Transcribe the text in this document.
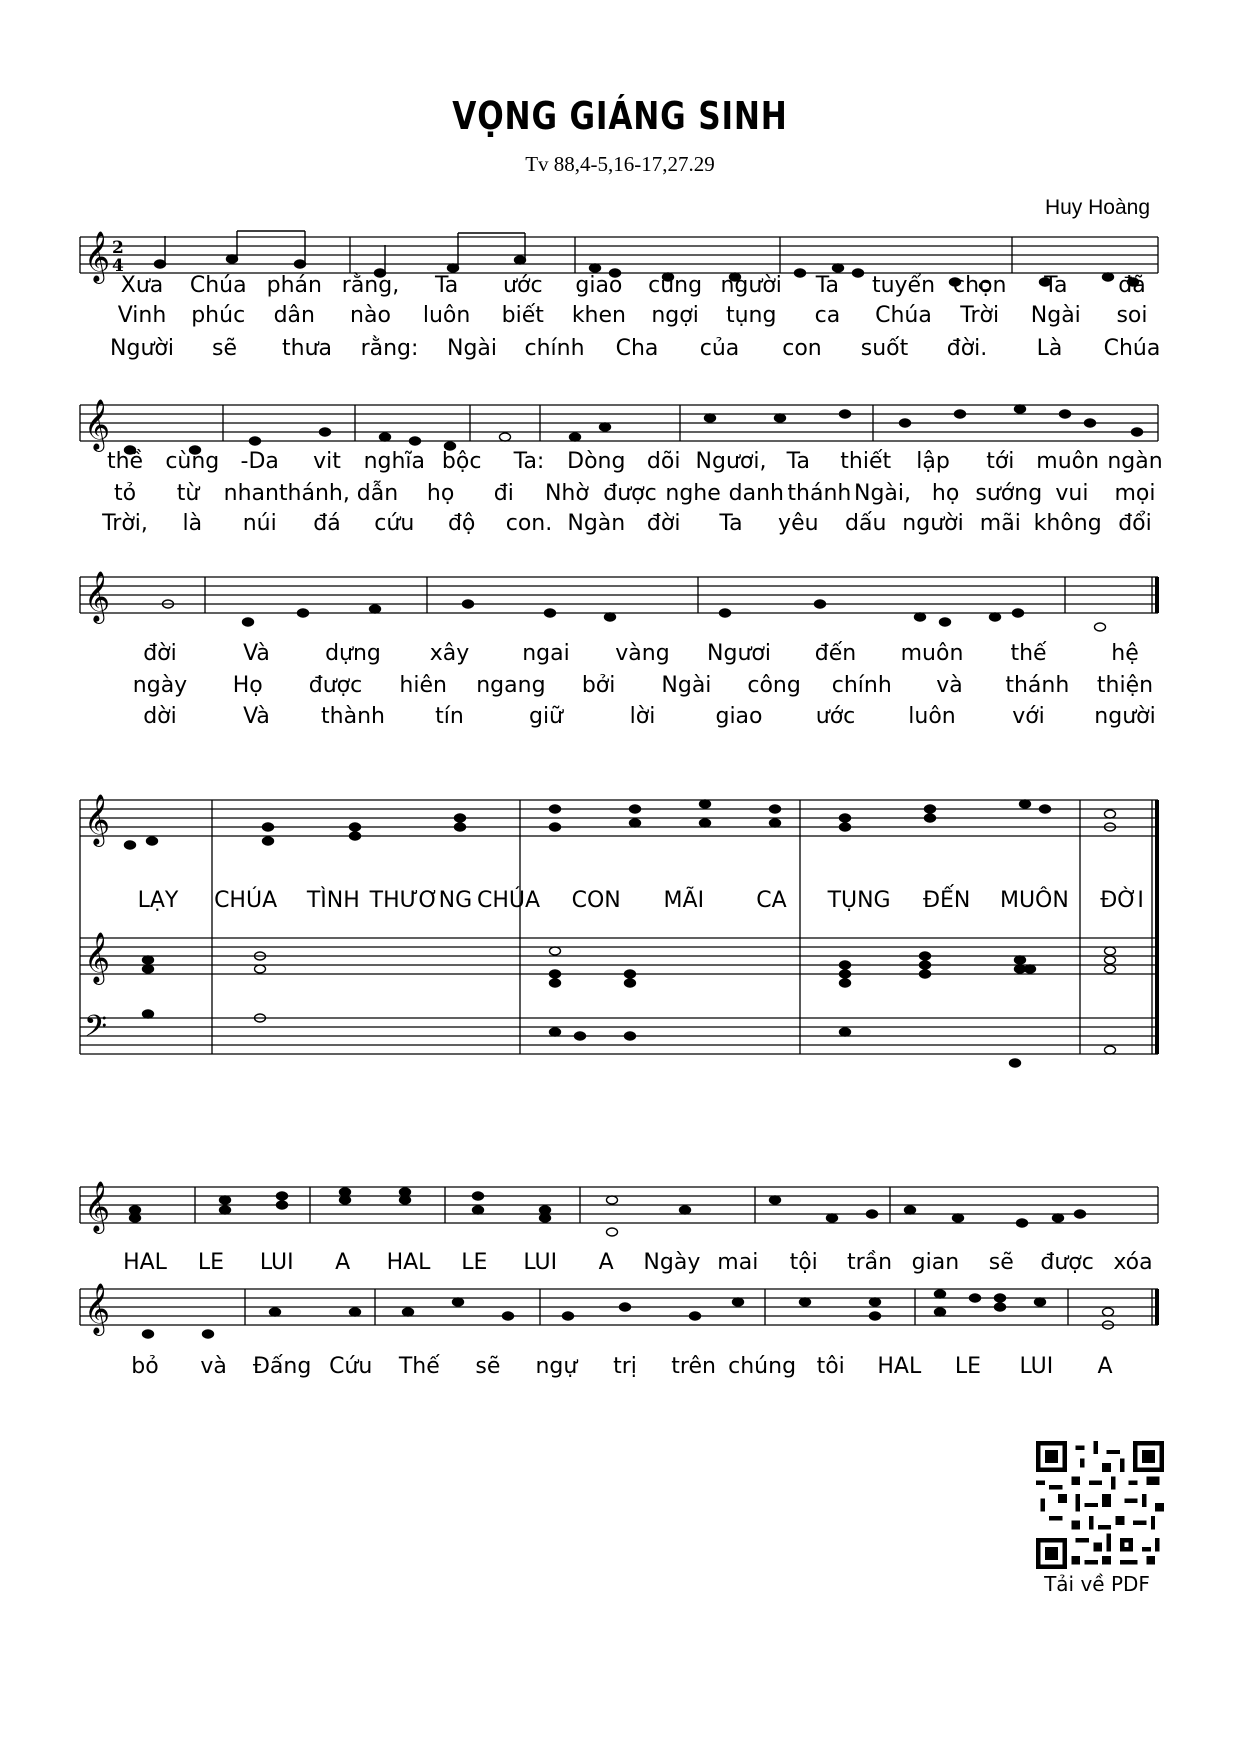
VỌNG GIÁNG SINH
Tv 88,4-5,16-17,27.29
Huy Hoàng
𝄞
𝄞
𝄞
𝄞
𝄞
𝄢
𝄞
𝄞
2
4
Xưa Chúa phán rằng, Ta ước giao cùng người Ta tuyển chọn Ta đã
Vinh phúc dân nào luôn biết khen ngợi tụng ca Chúa Trời Ngài soi
Người sẽ thưa rằng: Ngài chính Cha của con suốt đời. Là Chúa
thề cùng -Da vit nghĩa bộc Ta: Dòng dõi Ngươi, Ta thiết lập tới muôn ngàn
tỏ từ nhan thánh, dẫn họ đi Nhờ được nghe danh thánh Ngài, họ sướng vui mọi
Trời, là núi đá cứu độ con. Ngàn đời Ta yêu dấu người mãi không đổi
đời	Và	dựng xây ngai vàng Ngươi đến muôn thế	hệ
ngày Họ được hiên ngang bởi Ngài công chính và thánh thiện
dời	Và thành tín	giữ	lời	giao ước luôn	với người
LẠY CHÚA TÌNH THƯƠNG CHÚA CON MÃI CA TỤNG ĐẾN MUÔN ĐỜI
HAL LE LUI A HAL LE LUI A Ngày mai tội trần gian sẽ được xóa
bỏ và Đấng Cứu Thế sẽ ngự trị trên chúng tôi HAL LE LUI A
Tải về PDF
